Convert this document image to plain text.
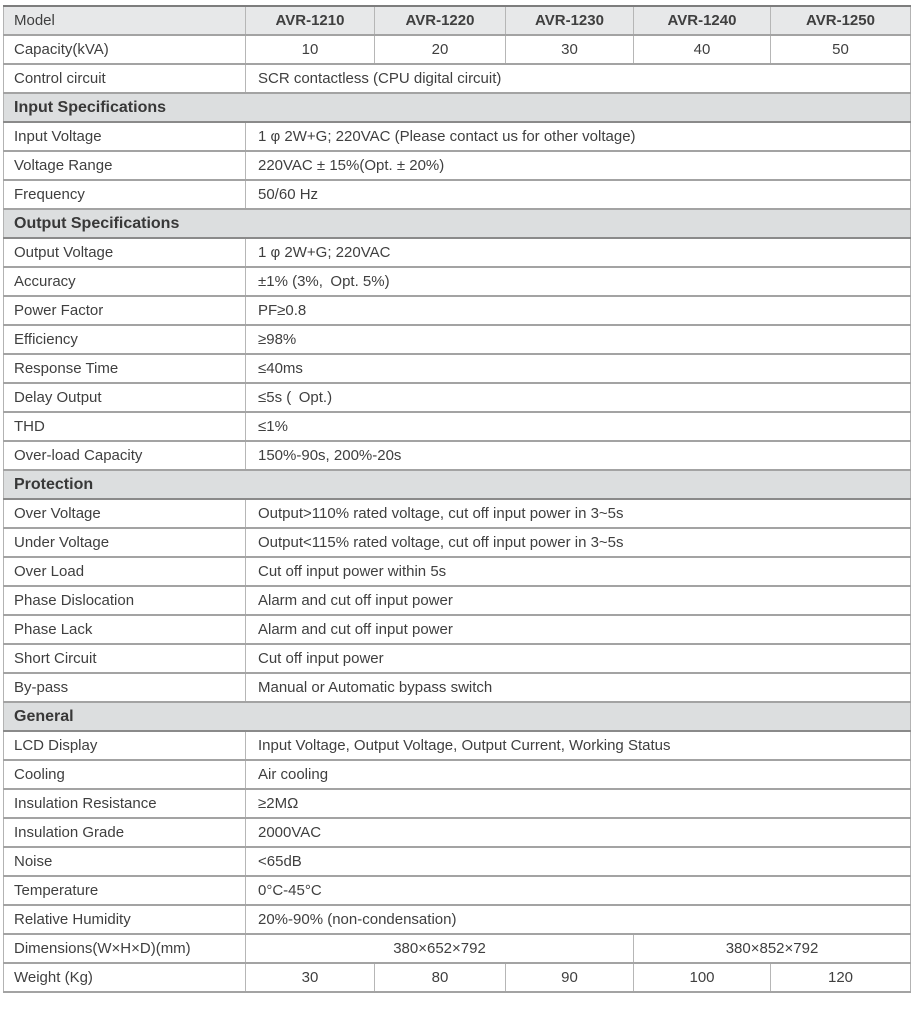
Model	AVR-1210	AVR-1220	AVR-1230	AVR-1240	AVR-1250
Capacity(kVA)	10	20	30	40	50
Control circuit	SCR contactless (CPU digital circuit)				
Input Specifications					
Input Voltage	1 φ 2W+G; 220VAC (Please contact us for other voltage)				
Voltage Range	220VAC ± 15%(Opt. ± 20%)				
Frequency	50/60 Hz				
Output Specifications					
Output Voltage	1 φ 2W+G; 220VAC				
Accuracy	±1% (3%, Opt. 5%)				
Power Factor	PF≥0.8				
Efficiency	≥98%				
Response Time	≤40ms				
Delay Output	≤5s ( Opt.)				
THD	≤1%				
Over-load Capacity	150%-90s, 200%-20s				
Protection					
Over Voltage	Output>110% rated voltage, cut off input power in 3~5s				
Under Voltage	Output<115% rated voltage, cut off input power in 3~5s				
Over Load	Cut off input power within 5s				
Phase Dislocation	Alarm and cut off input power				
Phase Lack	Alarm and cut off input power				
Short Circuit	Cut off input power				
By-pass	Manual or Automatic bypass switch				
General					
LCD Display	Input Voltage, Output Voltage, Output Current, Working Status				
Cooling	Air cooling				
Insulation Resistance	≥2MΩ				
Insulation Grade	2000VAC				
Noise	<65dB				
Temperature	0°C-45°C				
Relative Humidity	20%-90% (non-condensation)				
Dimensions(W×H×D)(mm)	380×652×792			380×852×792	
Weight (Kg)	30	80	90	100	120
